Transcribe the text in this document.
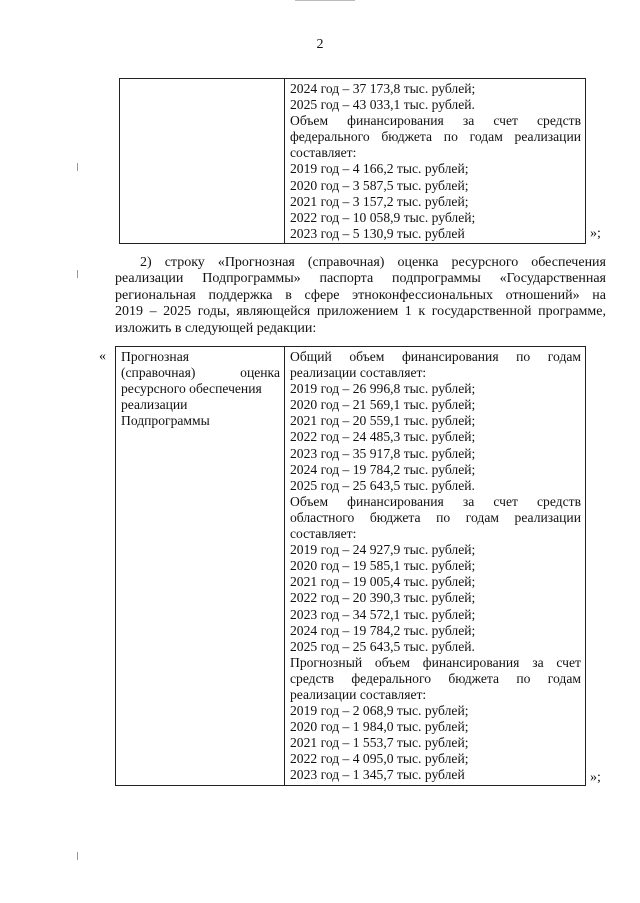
2

2024 год – 37 173,8 тыс. рублей;
2025 год – 43 033,1 тыс. рублей.
Объем финансирования за счет средств
федерального бюджета по годам реализации
составляет:
2019 год – 4 166,2 тыс. рублей;
2020 год – 3 587,5 тыс. рублей;
2021 год – 3 157,2 тыс. рублей;
2022 год – 10 058,9 тыс. рублей;
2023 год – 5 130,9 тыс. рублей	»;
2) строку «Прогнозная (справочная) оценка ресурсного обеспечения
реализации Подпрограммы» паспорта подпрограммы «Государственная
региональная поддержка в сфере этноконфессиональных отношений» на
2019 – 2025 годы, являющейся приложением 1 к государственной программе,
изложить в следующей редакции:
« Прогнозная
(справочная) оценка
ресурсного обеспечения
реализации
Подпрограммы

Общий объем финансирования по годам
реализации составляет:
2019 год – 26 996,8 тыс. рублей;
2020 год – 21 569,1 тыс. рублей;
2021 год – 20 559,1 тыс. рублей;
2022 год – 24 485,3 тыс. рублей;
2023 год – 35 917,8 тыс. рублей;
2024 год – 19 784,2 тыс. рублей;
2025 год – 25 643,5 тыс. рублей.
Объем финансирования за счет средств
областного бюджета по годам реализации
составляет:
2019 год – 24 927,9 тыс. рублей;
2020 год – 19 585,1 тыс. рублей;
2021 год – 19 005,4 тыс. рублей;
2022 год – 20 390,3 тыс. рублей;
2023 год – 34 572,1 тыс. рублей;
2024 год – 19 784,2 тыс. рублей;
2025 год – 25 643,5 тыс. рублей.
Прогнозный объем финансирования за счет
средств федерального бюджета по годам
реализации составляет:
2019 год – 2 068,9 тыс. рублей;
2020 год – 1 984,0 тыс. рублей;
2021 год – 1 553,7 тыс. рублей;
2022 год – 4 095,0 тыс. рублей;
2023 год – 1 345,7 тыс. рублей	»;
